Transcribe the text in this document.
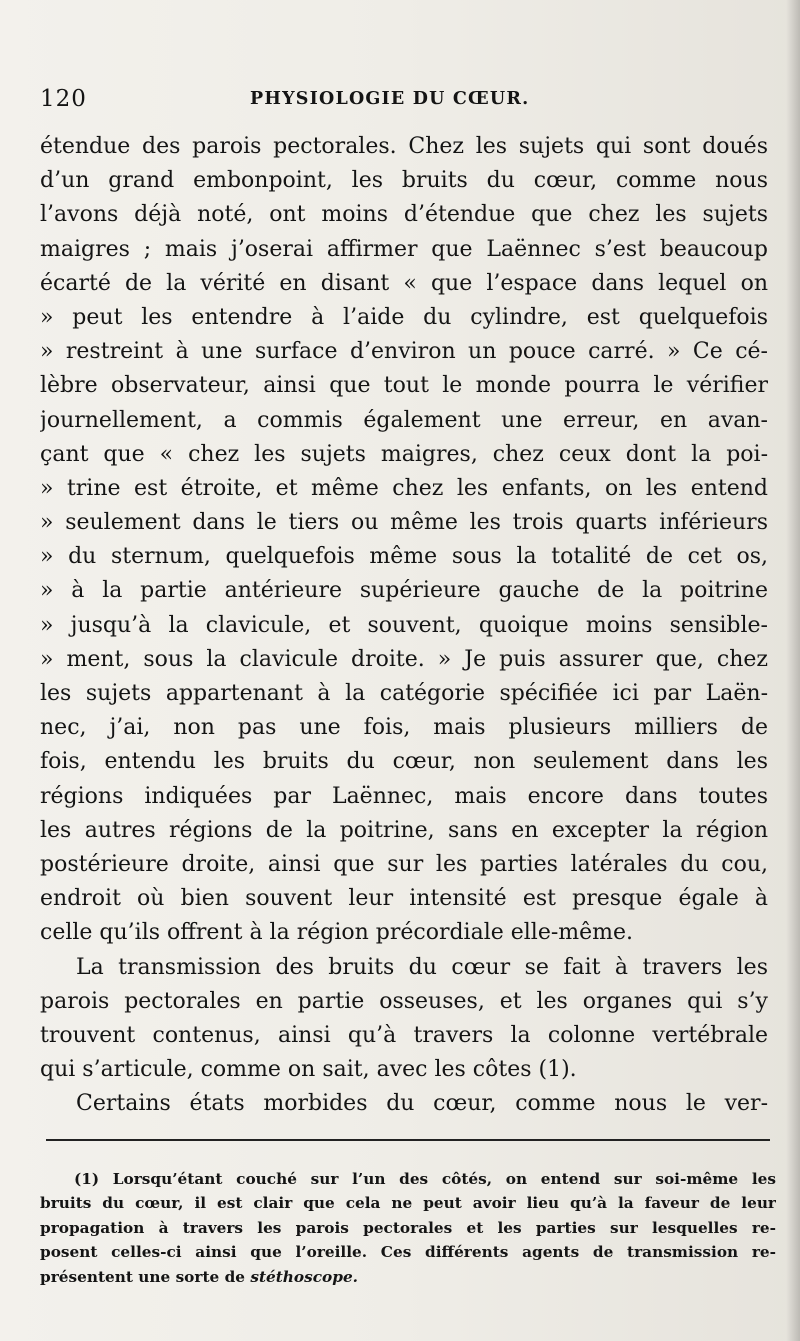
120	PHYSIOLOGIE DU CŒUR.
étendue des parois pectorales. Chez les sujets qui sont doués
d’un grand embonpoint, les bruits du cœur, comme nous
l’avons déjà noté, ont moins d’étendue que chez les sujets
maigres ; mais j’oserai affirmer que Laënnec s’est beaucoup
écarté de la vérité en disant « que l’espace dans lequel on
» peut les entendre à l’aide du cylindre, est quelquefois
» restreint à une surface d’environ un pouce carré. » Ce cé-
lèbre observateur, ainsi que tout le monde pourra le vérifier
journellement, a commis également une erreur, en avan-
çant que « chez les sujets maigres, chez ceux dont la poi-
» trine est étroite, et même chez les enfants, on les entend
» seulement dans le tiers ou même les trois quarts inférieurs
» du sternum, quelquefois même sous la totalité de cet os,
» à la partie antérieure supérieure gauche de la poitrine
» jusqu’à la clavicule, et souvent, quoique moins sensible-
» ment, sous la clavicule droite. » Je puis assurer que, chez
les sujets appartenant à la catégorie spécifiée ici par Laën-
nec, j’ai, non pas une fois, mais plusieurs milliers de
fois, entendu les bruits du cœur, non seulement dans les
régions indiquées par Laënnec, mais encore dans toutes
les autres régions de la poitrine, sans en excepter la région
postérieure droite, ainsi que sur les parties latérales du cou,
endroit où bien souvent leur intensité est presque égale à
celle qu’ils offrent à la région précordiale elle-même.
La transmission des bruits du cœur se fait à travers les
parois pectorales en partie osseuses, et les organes qui s’y
trouvent contenus, ainsi qu’à travers la colonne vertébrale
qui s’articule, comme on sait, avec les côtes (1).
Certains états morbides du cœur, comme nous le ver-
(1) Lorsqu’étant couché sur l’un des côtés, on entend sur soi-même les
bruits du cœur, il est clair que cela ne peut avoir lieu qu’à la faveur de leur
propagation à travers les parois pectorales et les parties sur lesquelles re-
posent celles-ci ainsi que l’oreille. Ces différents agents de transmission re-
présentent une sorte de stéthoscope.
